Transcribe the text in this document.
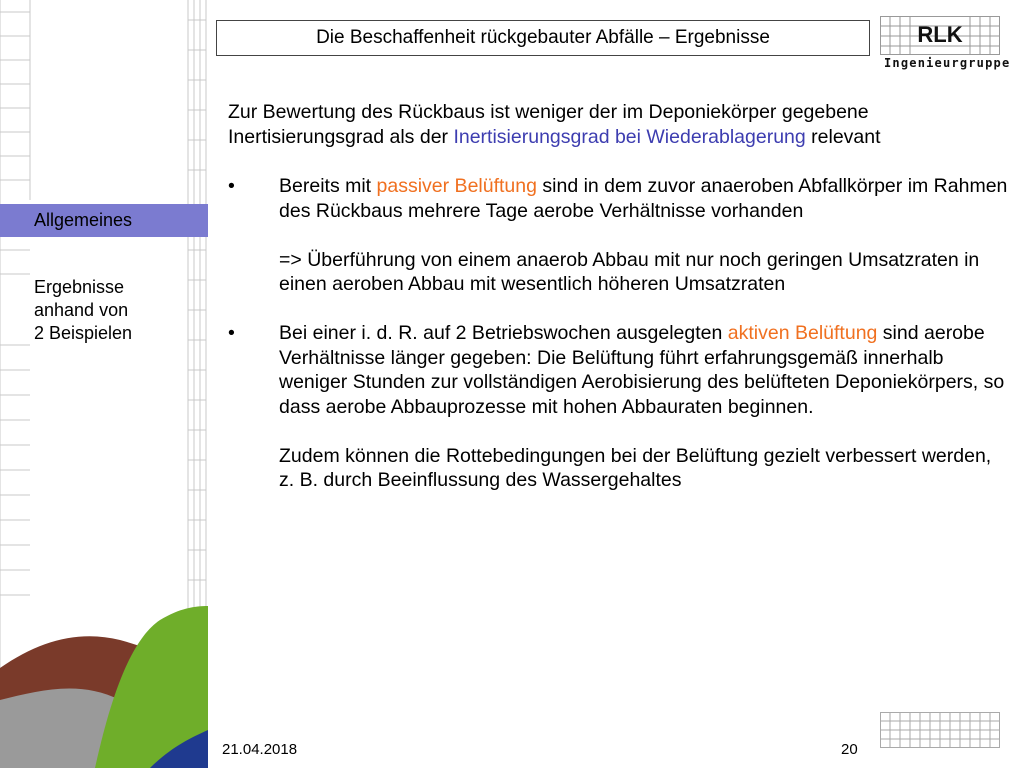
Allgemeines
Ergebnisse
anhand von
2 Beispielen
Die Beschaffenheit rückgebauter Abfälle – Ergebnisse	RLK
Ingenieurgruppe

Zur Bewertung des Rückbaus ist weniger der im Deponiekörper gegebene Inertisierungsgrad als der Inertisierungsgrad bei Wiederablagerung relevant

• Bereits mit passiver Belüftung sind in dem zuvor anaeroben Abfallkörper im Rahmen des Rückbaus mehrere Tage aerobe Verhältnisse vorhanden

=> Überführung von einem anaerob Abbau mit nur noch geringen Umsatzraten in einen aeroben Abbau mit wesentlich höheren Umsatzraten

• Bei einer i. d. R. auf 2 Betriebswochen ausgelegten aktiven Belüftung sind aerobe Verhältnisse länger gegeben: Die Belüftung führt erfahrungsgemäß innerhalb weniger Stunden zur vollständigen Aerobisierung des belüfteten Deponiekörpers, so dass aerobe Abbauprozesse mit hohen Abbauraten beginnen.

Zudem können die Rottebedingungen bei der Belüftung gezielt verbessert werden, z. B. durch Beeinflussung des Wassergehaltes

21.04.2018	20
